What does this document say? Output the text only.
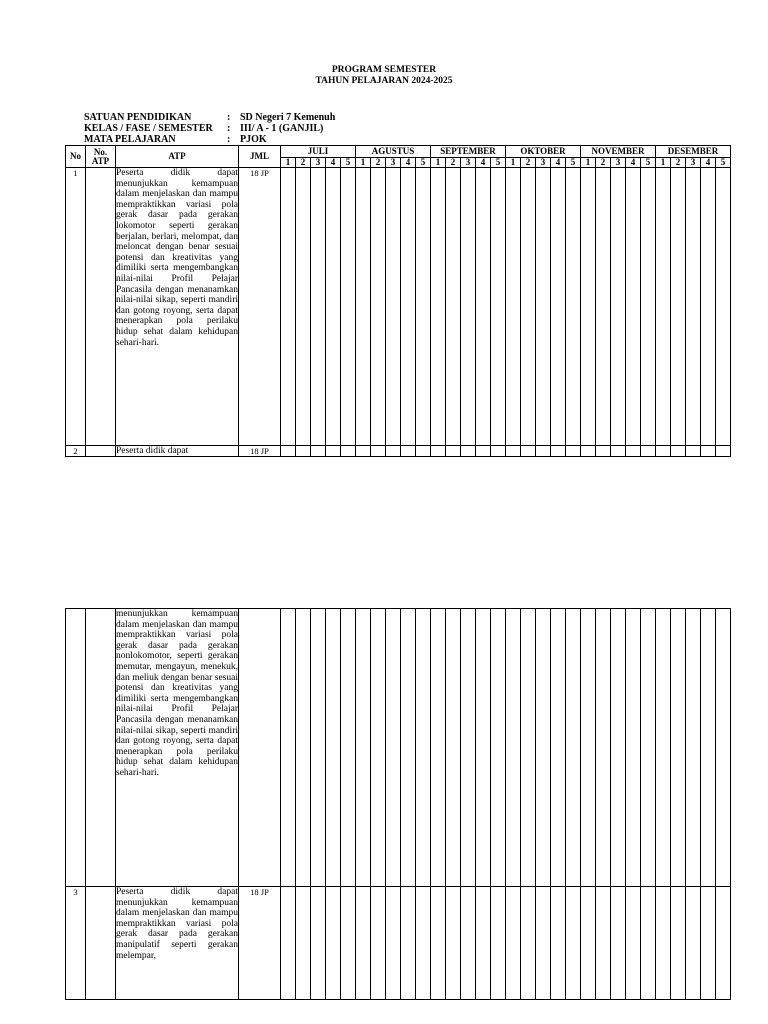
PROGRAM SEMESTER
TAHUN PELAJARAN 2024-2025
SATUAN PENDIDIKAN	: SD Negeri 7 Kemenuh
KELAS / FASE / SEMESTER : III/ A - 1 (GANJIL)
MATA PELAJARAN	: PJOK
No	No. ATP	ATP	JML	JULI					AGUSTUS					SEPTEMBER					OKTOBER					NOVEMBER					DESEMBER				
				1	2	3	4	5	1	2	3	4	5	1	2	3	4	5	1	2	3	4	5	1	2	3	4	5	1	2	3	4	5
1		Peserta didik dapat menunjukkan kemampuan dalam menjelaskan dan mampu mempraktikkan variasi pola gerak dasar pada gerakan lokomotor seperti gerakan berjalan, berlari, melompat, dan meloncat dengan benar sesuai potensi dan kreativitas yang dimiliki serta mengembangkan nilai-nilai Profil Pelajar Pancasila dengan menanamkan nilai-nilai sikap, seperti mandiri dan gotong royong, serta dapat menerapkan pola perilaku hidup sehat dalam kehidupan sehari-hari.	18 JP																														
2		Peserta didik dapat	18 JP																														

		menunjukkan kemampuan dalam menjelaskan dan mampu mempraktikkan variasi pola gerak dasar pada gerakan nonlokomotor, seperti gerakan memutar, mengayun, menekuk, dan meliuk dengan benar sesuai potensi dan kreativitas yang dimiliki serta mengembangkan nilai-nilai Profil Pelajar Pancasila dengan menanamkan nilai-nilai sikap, seperti mandiri dan gotong royong, serta dapat menerapkan pola perilaku hidup sehat dalam kehidupan sehari-hari.																															

3		Peserta didik dapat menunjukkan kemampuan dalam menjelaskan dan mampu mempraktikkan variasi pola gerak dasar pada gerakan manipulatif seperti gerakan melempar,	18 JP																														
